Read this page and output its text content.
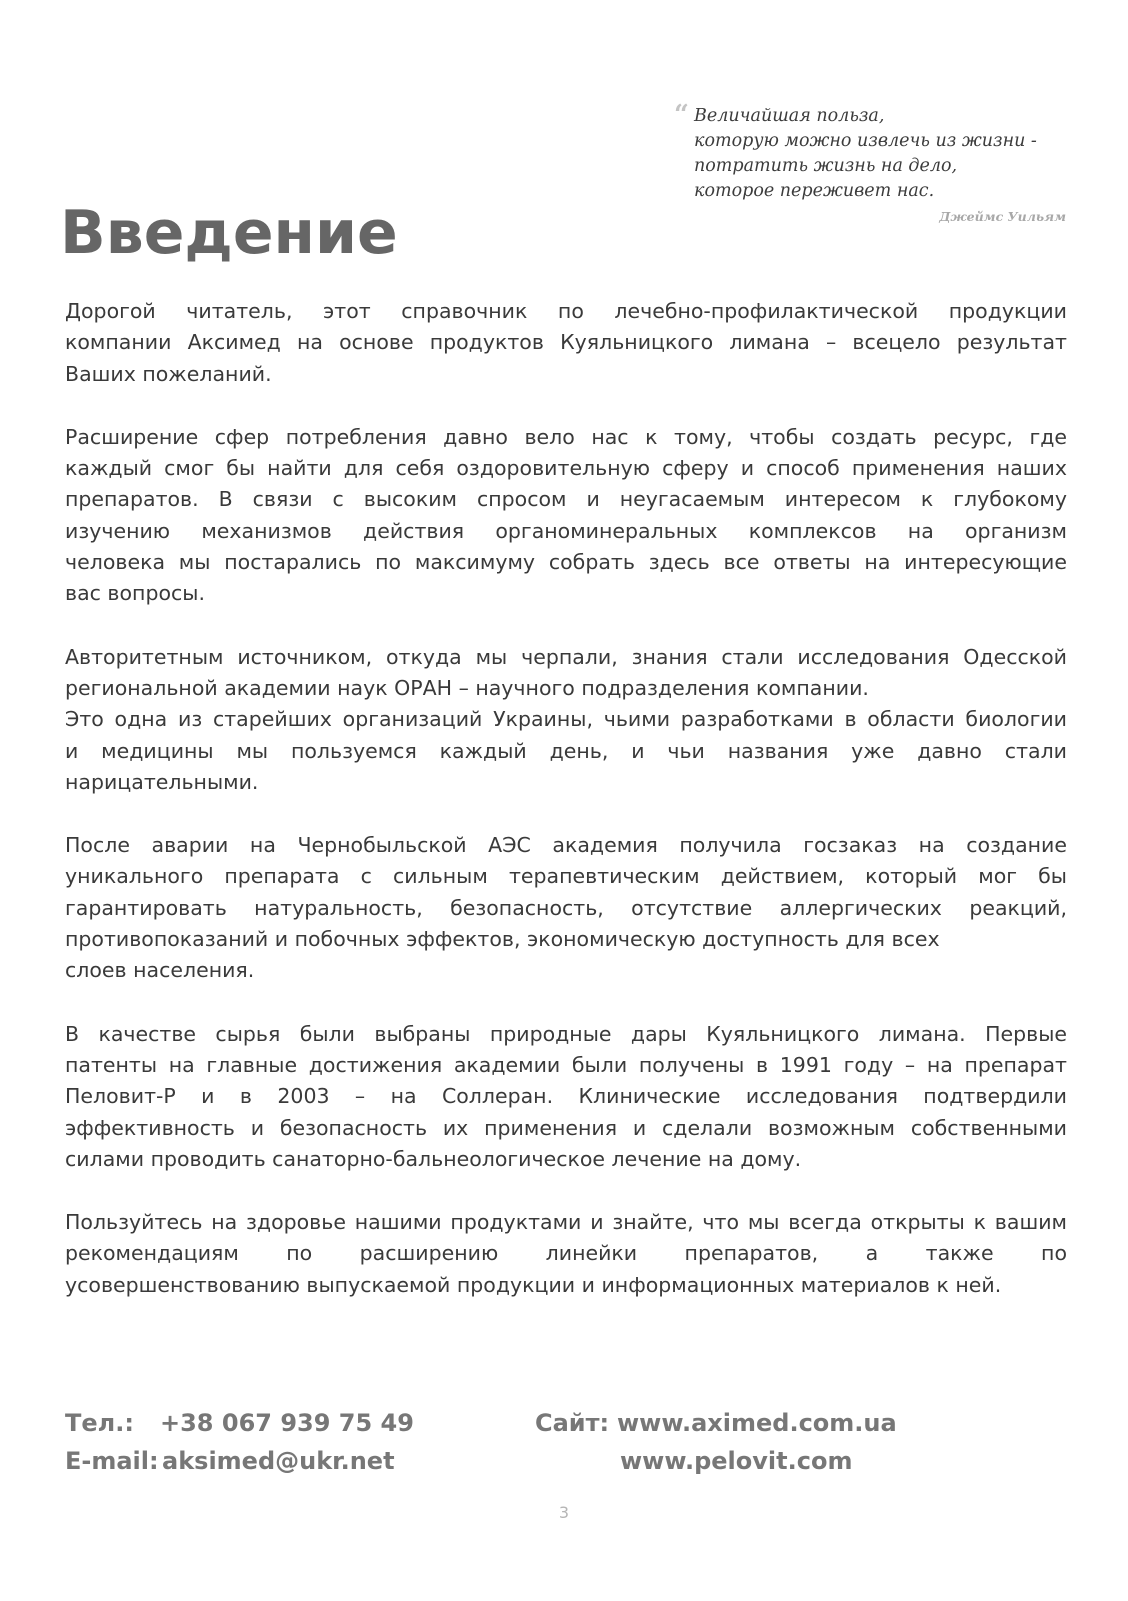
“ Величайшая польза,
которую можно извлечь из жизни -
потратить жизнь на дело,
которое переживет нас.
Джеймс Уильям
Введение

Дорогой читатель, этот справочник по лечебно-профилактической продукции
компании Аксимед на основе продуктов Куяльницкого лимана – всецело результат
Ваших пожеланий.

Расширение сфер потребления давно вело нас к тому, чтобы создать ресурс, где
каждый смог бы найти для себя оздоровительную сферу и способ применения наших
препаратов. В связи с высоким спросом и неугасаемым интересом к глубокому
изучению механизмов действия органоминеральных комплексов на организм
человека мы постарались по максимуму собрать здесь все ответы на интересующие
вас вопросы.

Авторитетным источником, откуда мы черпали, знания стали исследования Одесской
региональной академии наук ОРАН – научного подразделения компании.
Это одна из старейших организаций Украины, чьими разработками в области биологии
и медицины мы пользуемся каждый день, и чьи названия уже давно стали
нарицательными.

После аварии на Чернобыльской АЭС академия получила госзаказ на создание
уникального препарата с сильным терапевтическим действием, который мог бы
гарантировать натуральность, безопасность, отсутствие аллергических реакций,
противопоказаний и побочных эффектов, экономическую доступность для всех
слоев населения.

В качестве сырья были выбраны природные дары Куяльницкого лимана. Первые
патенты на главные достижения академии были получены в 1991 году – на препарат
Пеловит-Р и в 2003 – на Соллеран. Клинические исследования подтвердили
эффективность и безопасность их применения и сделали возможным собственными
силами проводить санаторно-бальнеологическое лечение на дому.

Пользуйтесь на здоровье нашими продуктами и знайте, что мы всегда открыты к вашим
рекомендациям по расширению линейки препаратов, а также по
усовершенствованию выпускаемой продукции и информационных материалов к ней.

Тел.: +38 067 939 75 49
E-mail: aksimed@ukr.net
Сайт: www.aximed.com.ua
www.pelovit.com
3
